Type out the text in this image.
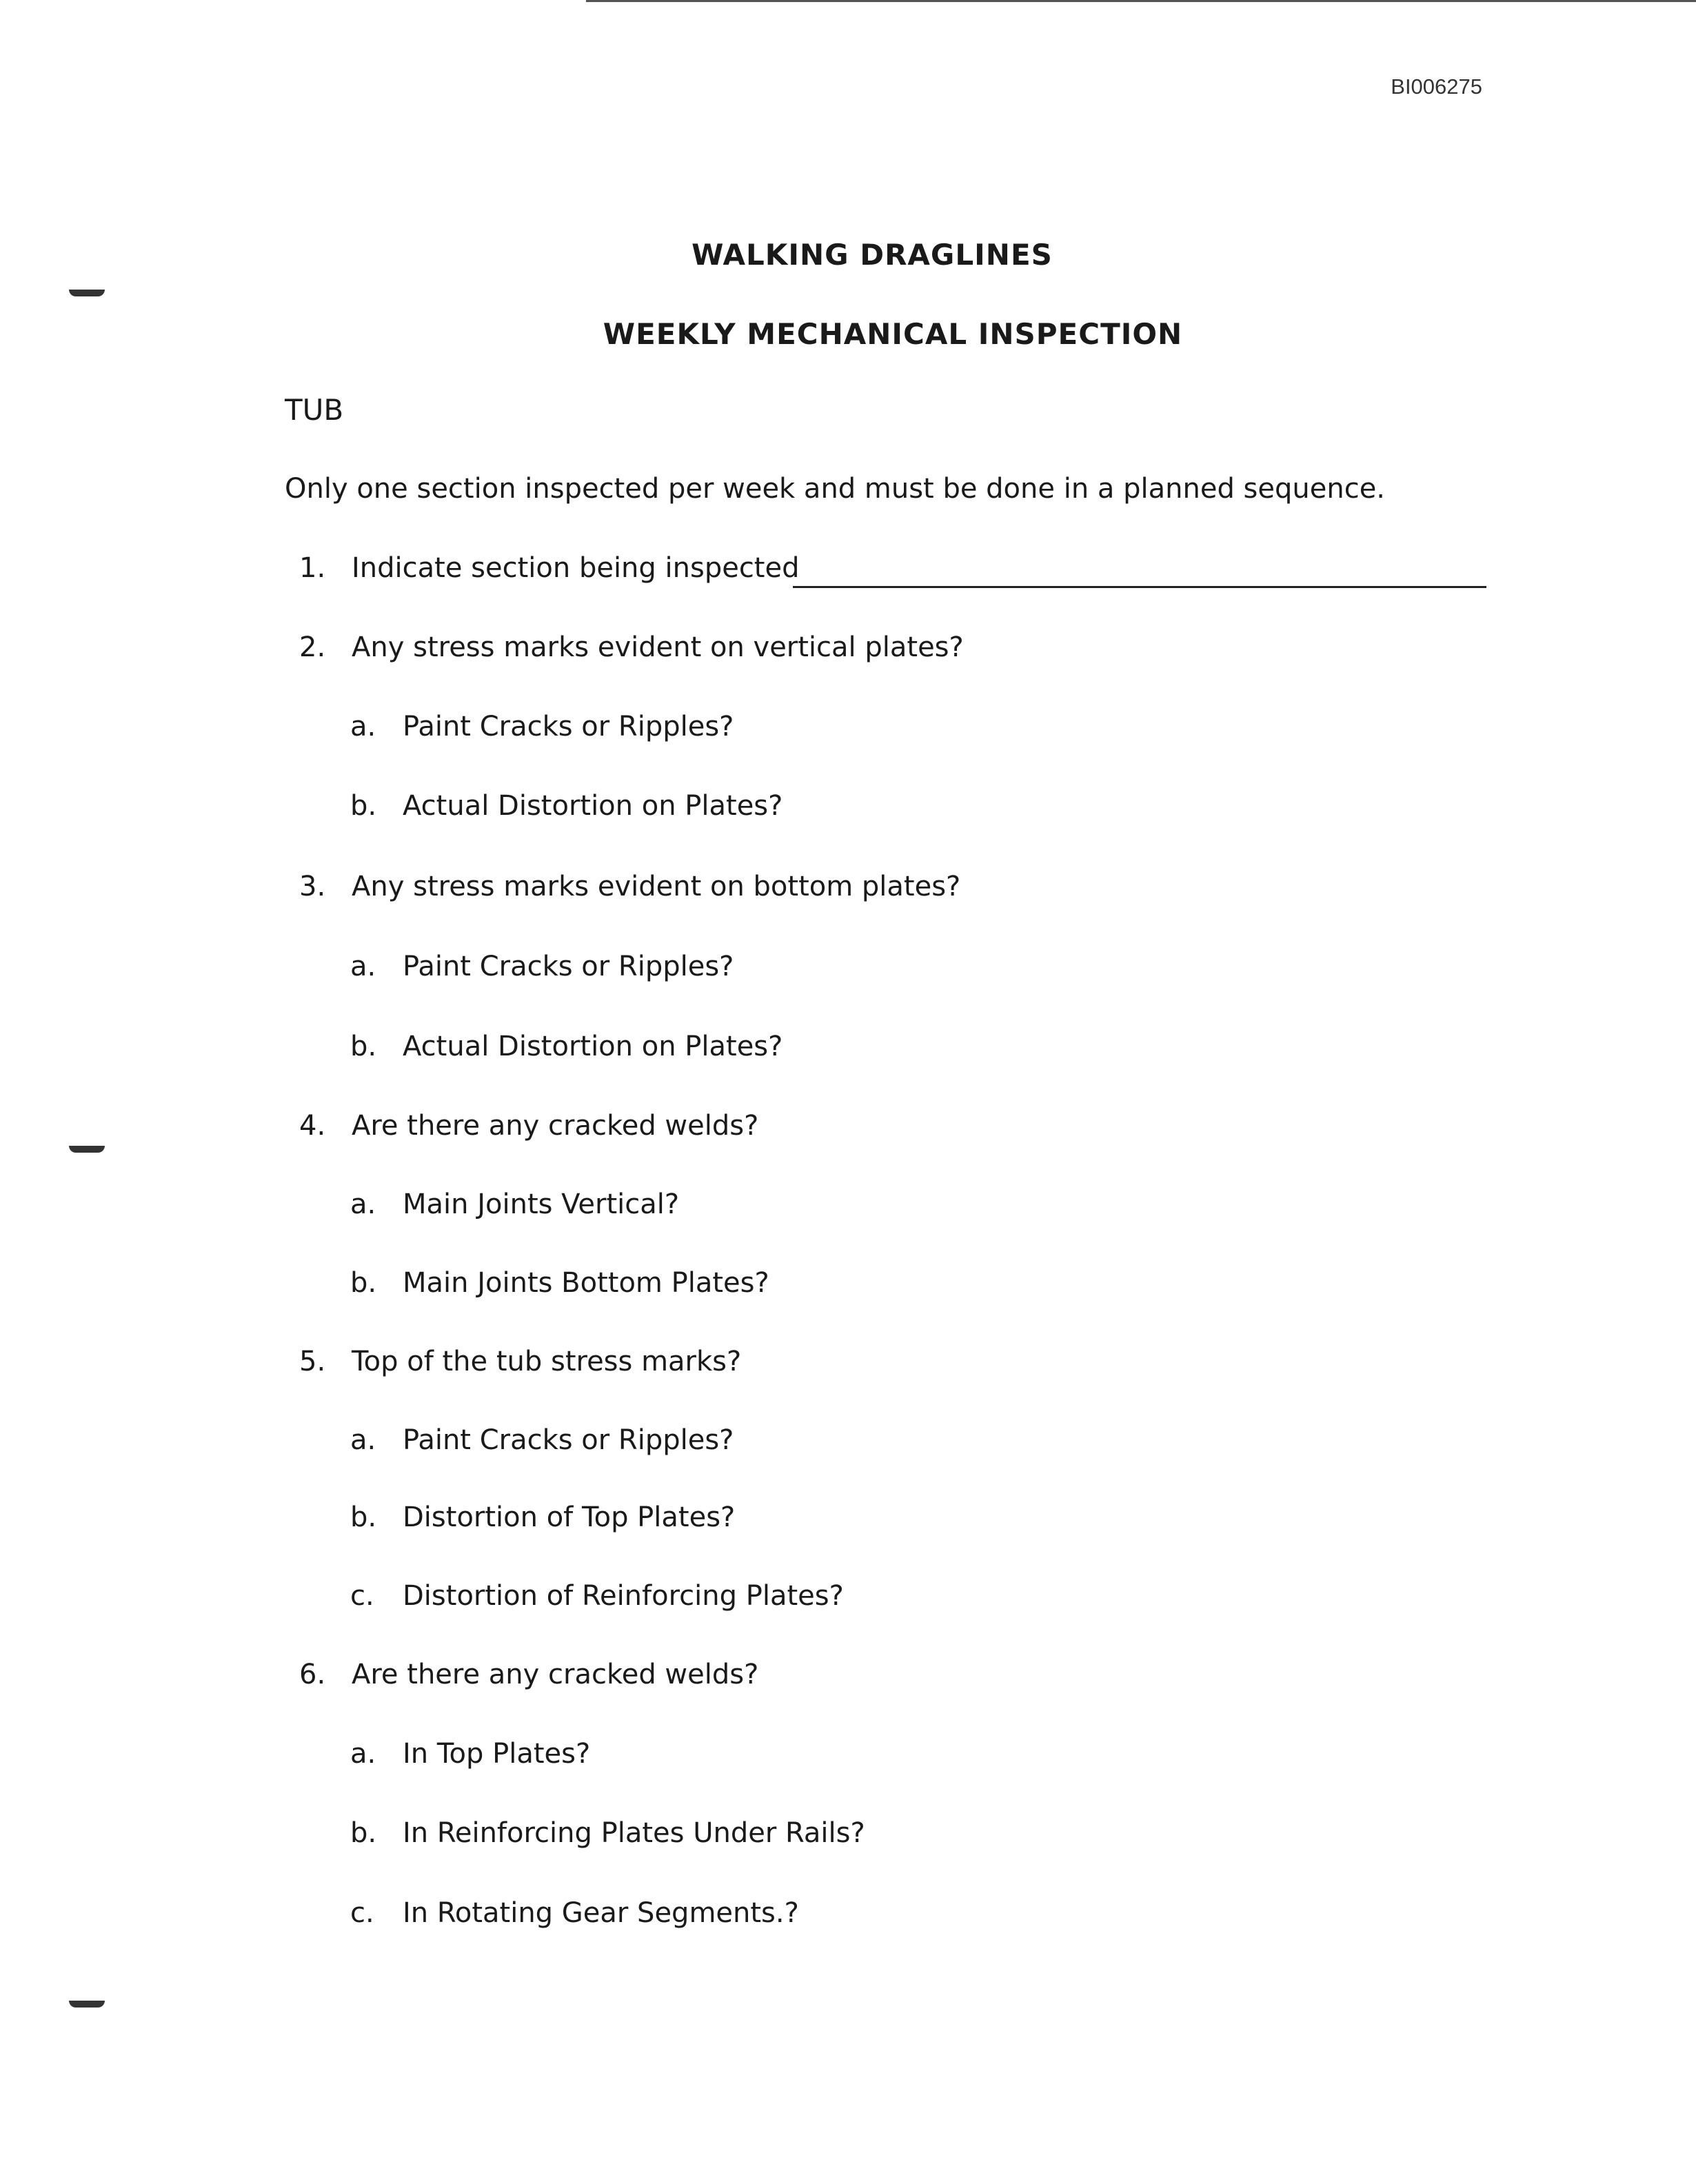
BI006275
WALKING DRAGLINES
WEEKLY MECHANICAL INSPECTION
TUB
Only one section inspected per week and must be done in a planned sequence.
1. Indicate section being inspected
2. Any stress marks evident on vertical plates?
a. Paint Cracks or Ripples?
b. Actual Distortion on Plates?
3. Any stress marks evident on bottom plates?
a. Paint Cracks or Ripples?
b. Actual Distortion on Plates?
4. Are there any cracked welds?
a. Main Joints Vertical?
b. Main Joints Bottom Plates?
5. Top of the tub stress marks?
a. Paint Cracks or Ripples?
b. Distortion of Top Plates?
c. Distortion of Reinforcing Plates?
6. Are there any cracked welds?
a. In Top Plates?
b. In Reinforcing Plates Under Rails?
c. In Rotating Gear Segments.?
